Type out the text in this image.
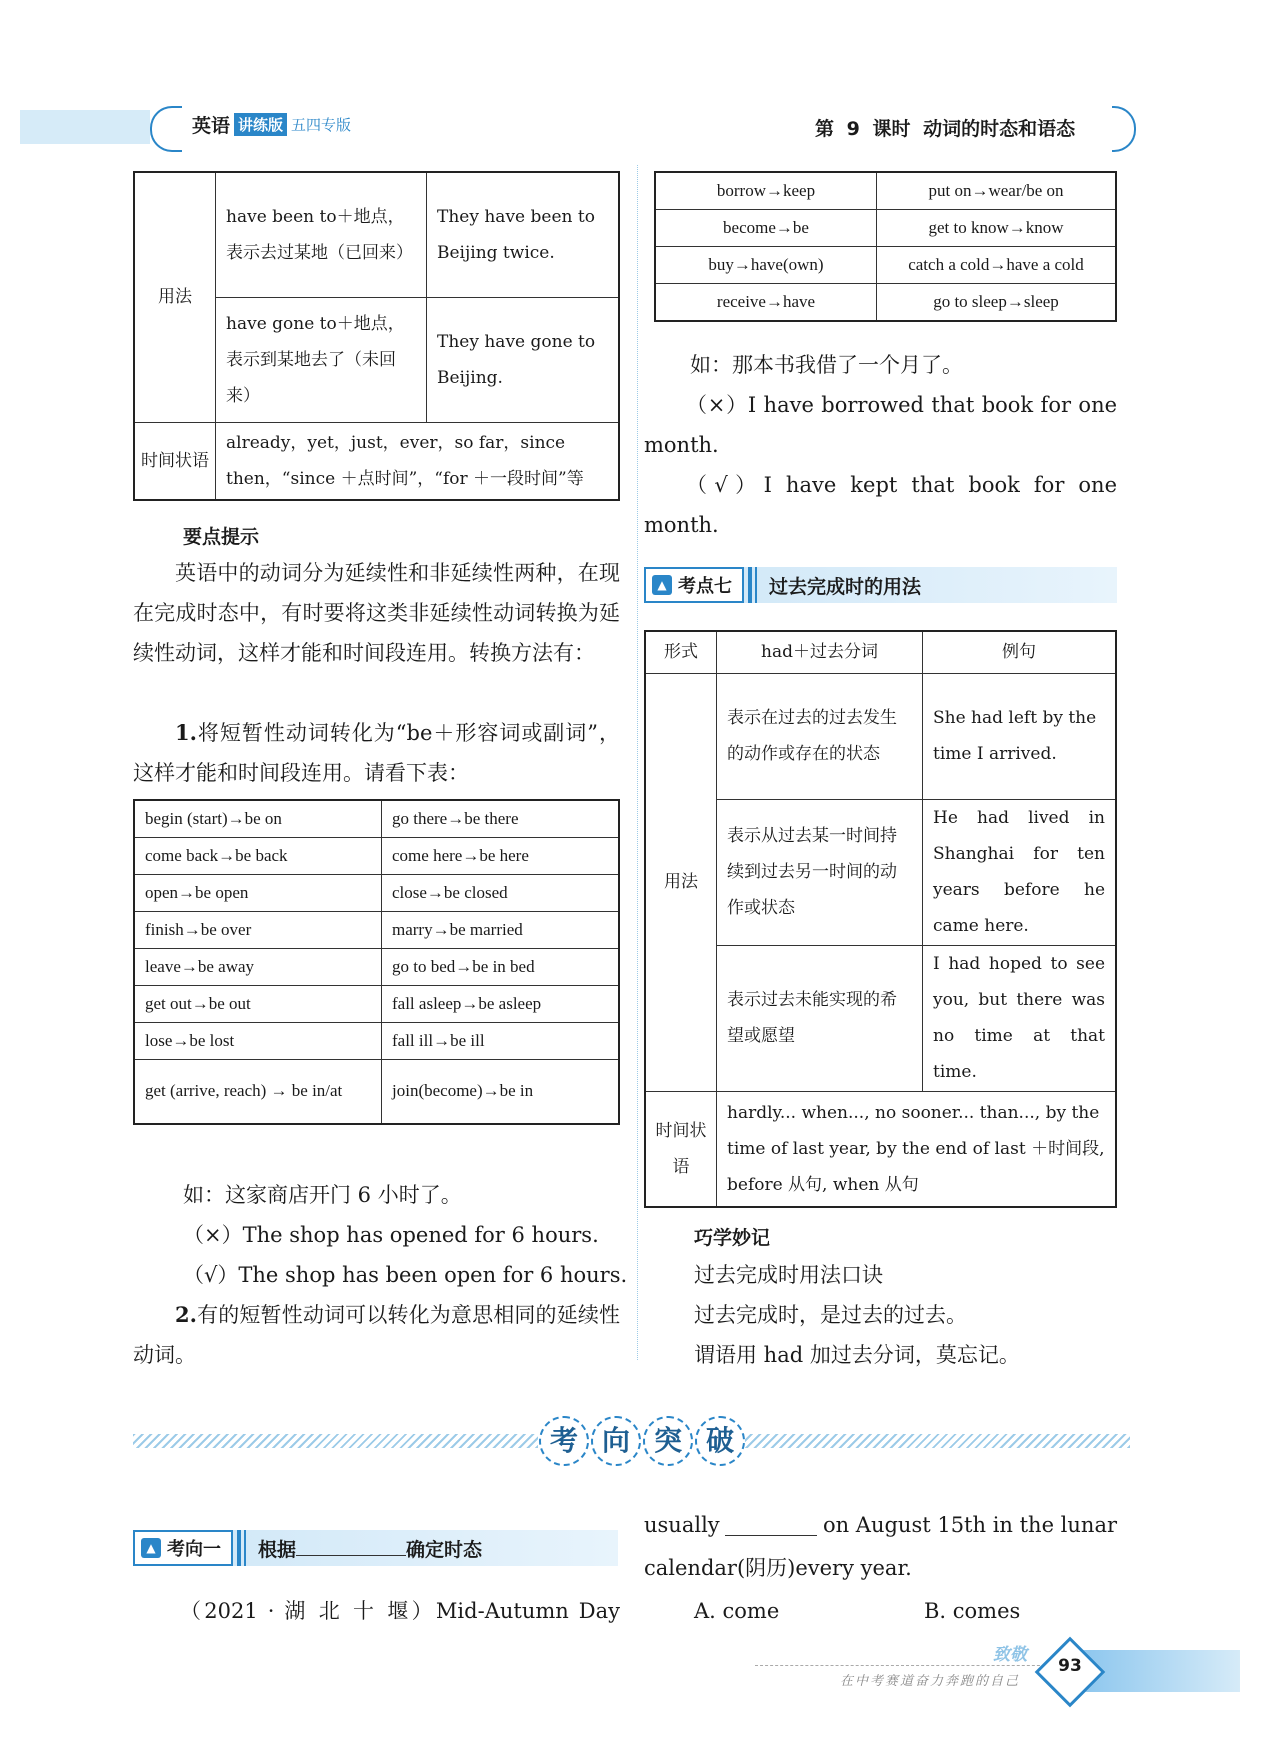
英语 讲练版 五四专版	第 9 课时 动词的时态和语态
用法	have been to＋地点，表示去过某地（已回来）	They have been to Beijing twice.
	have gone to＋地点，表示到某地去了（未回来）	They have gone to Beijing.
时间状语	already，yet，just，ever，so far，since then，“since ＋点时间”，“for ＋一段时间”等	
要点提示
英语中的动词分为延续性和非延续性两种，在现在完成时态中，有时要将这类非延续性动词转换为延续性动词，这样才能和时间段连用。转换方法有：
1.将短暂性动词转化为“be＋形容词或副词”，这样才能和时间段连用。请看下表：
begin (start)→be on	go there→be there
come back→be back	come here→be here
open→be open	close→be closed
finish→be over	marry→be married
leave→be away	go to bed→be in bed
get out→be out	fall asleep→be asleep
lose→be lost	fall ill→be ill
get (arrive, reach) → be in/at	join(become)→be in
如：这家商店开门 6 小时了。
（×）The shop has opened for 6 hours.
（√）The shop has been open for 6 hours.
2.有的短暂性动词可以转化为意思相同的延续性动词。
borrow→keep	put on→wear/be on
become→be	get to know→know
buy→have(own)	catch a cold→have a cold
receive→have	go to sleep→sleep
如：那本书我借了一个月了。
（×）I have borrowed that book for one month.
（√）I have kept that book for one month.
▲ 考点七 过去完成时的用法
形式	had＋过去分词	例句
用法	表示在过去的过去发生的动作或存在的状态	She had left by the time I arrived.
	表示从过去某一时间持续到过去另一时间的动作或状态	He had lived in Shanghai for ten years before he came here.
	表示过去未能实现的希望或愿望	I had hoped to see you, but there was no time at that time.
时间状语	hardly... when..., no sooner... than..., by the time of last year, by the end of last ＋时间段, before 从句, when 从句	
巧学妙记
过去完成时用法口诀
过去完成时，是过去的过去。
谓语用 had 加过去分词，莫忘记。
考 向 突 破
▲ 考向一 根据	确定时态
（2021 · 湖 北 十 堰）Mid-Autumn Day
usually	on August 15th in the lunar
calendar(阴历)every year.
A. come	B. comes
致敬
在中考赛道奋力奔跑的自己
93
